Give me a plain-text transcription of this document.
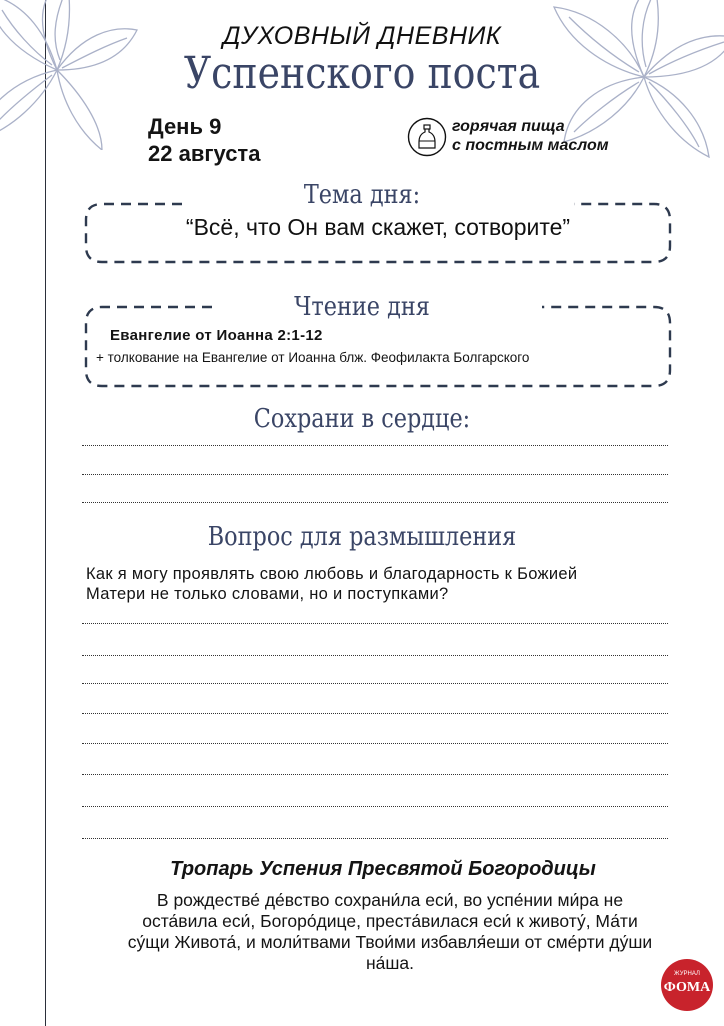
ДУХОВНЫЙ ДНЕВНИК
Успенского поста
День 9
22 августа
горячая пища
с постным маслом
Тема дня:
“Всё, что Он вам скажет, сотворите”
Чтение дня
Евангелие от Иоанна 2:1-12
+ толкование на Евангелие от Иоанна блж. Феофилакта Болгарского
Сохрани в сердце:
Вопрос для размышления
Как я могу проявлять свою любовь и благодарность к Божией
Матери не только словами, но и поступками?
Тропарь Успения Пресвятой Богородицы
В рождестве́ де́вство сохрани́ла еси́, во успе́нии ми́ра не
оста́вила еси́, Богоро́дице, преста́вилася еси́ к животу́, Ма́ти
су́щи Живота́, и моли́твами Твои́ми избавля́еши от сме́рти ду́ши
на́ша.
ЖУРНАЛ
ФОМА
